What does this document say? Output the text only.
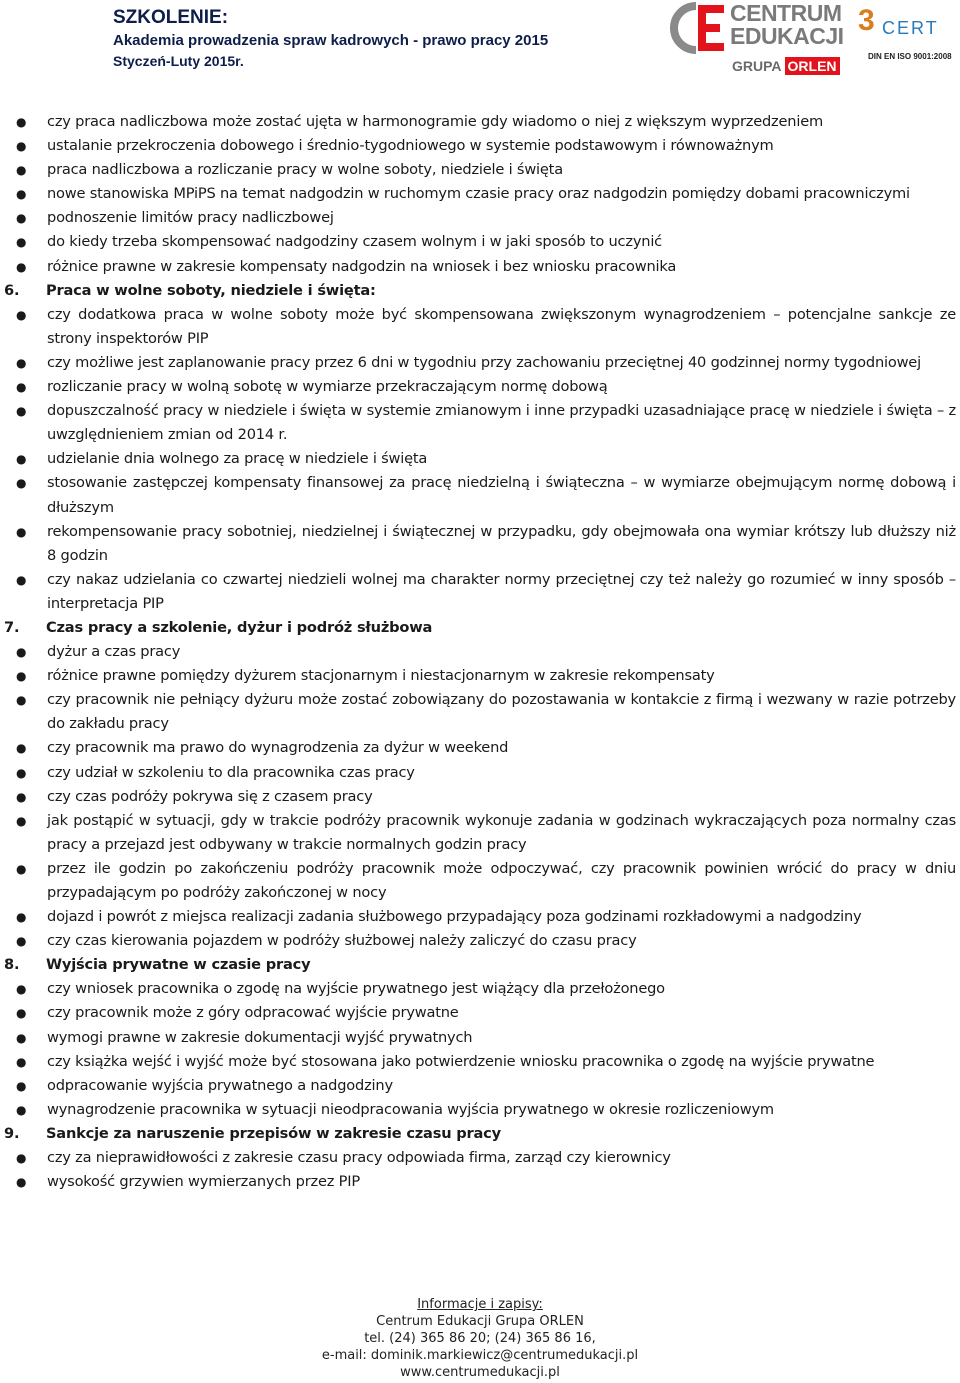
SZKOLENIE:
Akademia prowadzenia spraw kadrowych - prawo pracy 2015
Styczeń-Luty 2015r.
CENTRUM
EDUKACJI
GRUPA ORLEN
3 CERT
DIN EN ISO 9001:2008
● czy praca nadliczbowa może zostać ujęta w harmonogramie gdy wiadomo o niej z większym wyprzedzeniem
● ustalanie przekroczenia dobowego i średnio-tygodniowego w systemie podstawowym i równoważnym
● praca nadliczbowa a rozliczanie pracy w wolne soboty, niedziele i święta
● nowe stanowiska MPiPS na temat nadgodzin w ruchomym czasie pracy oraz nadgodzin pomiędzy dobami pracowniczymi
● podnoszenie limitów pracy nadliczbowej
● do kiedy trzeba skompensować nadgodziny czasem wolnym i w jaki sposób to uczynić
● różnice prawne w zakresie kompensaty nadgodzin na wniosek i bez wniosku pracownika
6. Praca w wolne soboty, niedziele i święta:
● czy dodatkowa praca w wolne soboty może być skompensowana zwiększonym wynagrodzeniem – potencjalne sankcje ze strony inspektorów PIP
● czy możliwe jest zaplanowanie pracy przez 6 dni w tygodniu przy zachowaniu przeciętnej 40 godzinnej normy tygodniowej
● rozliczanie pracy w wolną sobotę w wymiarze przekraczającym normę dobową
● dopuszczalność pracy w niedziele i święta w systemie zmianowym i inne przypadki uzasadniające pracę w niedziele i święta – z uwzględnieniem zmian od 2014 r.
● udzielanie dnia wolnego za pracę w niedziele i święta
● stosowanie zastępczej kompensaty finansowej za pracę niedzielną i świąteczna – w wymiarze obejmującym normę dobową i dłuższym
● rekompensowanie pracy sobotniej, niedzielnej i świątecznej w przypadku, gdy obejmowała ona wymiar krótszy lub dłuższy niż 8 godzin
● czy nakaz udzielania co czwartej niedzieli wolnej ma charakter normy przeciętnej czy też należy go rozumieć w inny sposób – interpretacja PIP
7. Czas pracy a szkolenie, dyżur i podróż służbowa
● dyżur a czas pracy
● różnice prawne pomiędzy dyżurem stacjonarnym i niestacjonarnym w zakresie rekompensaty
● czy pracownik nie pełniący dyżuru może zostać zobowiązany do pozostawania w kontakcie z firmą i wezwany w razie potrzeby do zakładu pracy
● czy pracownik ma prawo do wynagrodzenia za dyżur w weekend
● czy udział w szkoleniu to dla pracownika czas pracy
● czy czas podróży pokrywa się z czasem pracy
● jak postąpić w sytuacji, gdy w trakcie podróży pracownik wykonuje zadania w godzinach wykraczających poza normalny czas pracy a przejazd jest odbywany w trakcie normalnych godzin pracy
● przez ile godzin po zakończeniu podróży pracownik może odpoczywać, czy pracownik powinien wrócić do pracy w dniu przypadającym po podróży zakończonej w nocy
● dojazd i powrót z miejsca realizacji zadania służbowego przypadający poza godzinami rozkładowymi a nadgodziny
● czy czas kierowania pojazdem w podróży służbowej należy zaliczyć do czasu pracy
8. Wyjścia prywatne w czasie pracy
● czy wniosek pracownika o zgodę na wyjście prywatnego jest wiążący dla przełożonego
● czy pracownik może z góry odpracować wyjście prywatne
● wymogi prawne w zakresie dokumentacji wyjść prywatnych
● czy książka wejść i wyjść może być stosowana jako potwierdzenie wniosku pracownika o zgodę na wyjście prywatne
● odpracowanie wyjścia prywatnego a nadgodziny
● wynagrodzenie pracownika w sytuacji nieodpracowania wyjścia prywatnego w okresie rozliczeniowym
9. Sankcje za naruszenie przepisów w zakresie czasu pracy
● czy za nieprawidłowości z zakresie czasu pracy odpowiada firma, zarząd czy kierownicy
● wysokość grzywien wymierzanych przez PIP
Informacje i zapisy:
Centrum Edukacji Grupa ORLEN
tel. (24) 365 86 20; (24) 365 86 16,
e-mail: dominik.markiewicz@centrumedukacji.pl
www.centrumedukacji.pl
